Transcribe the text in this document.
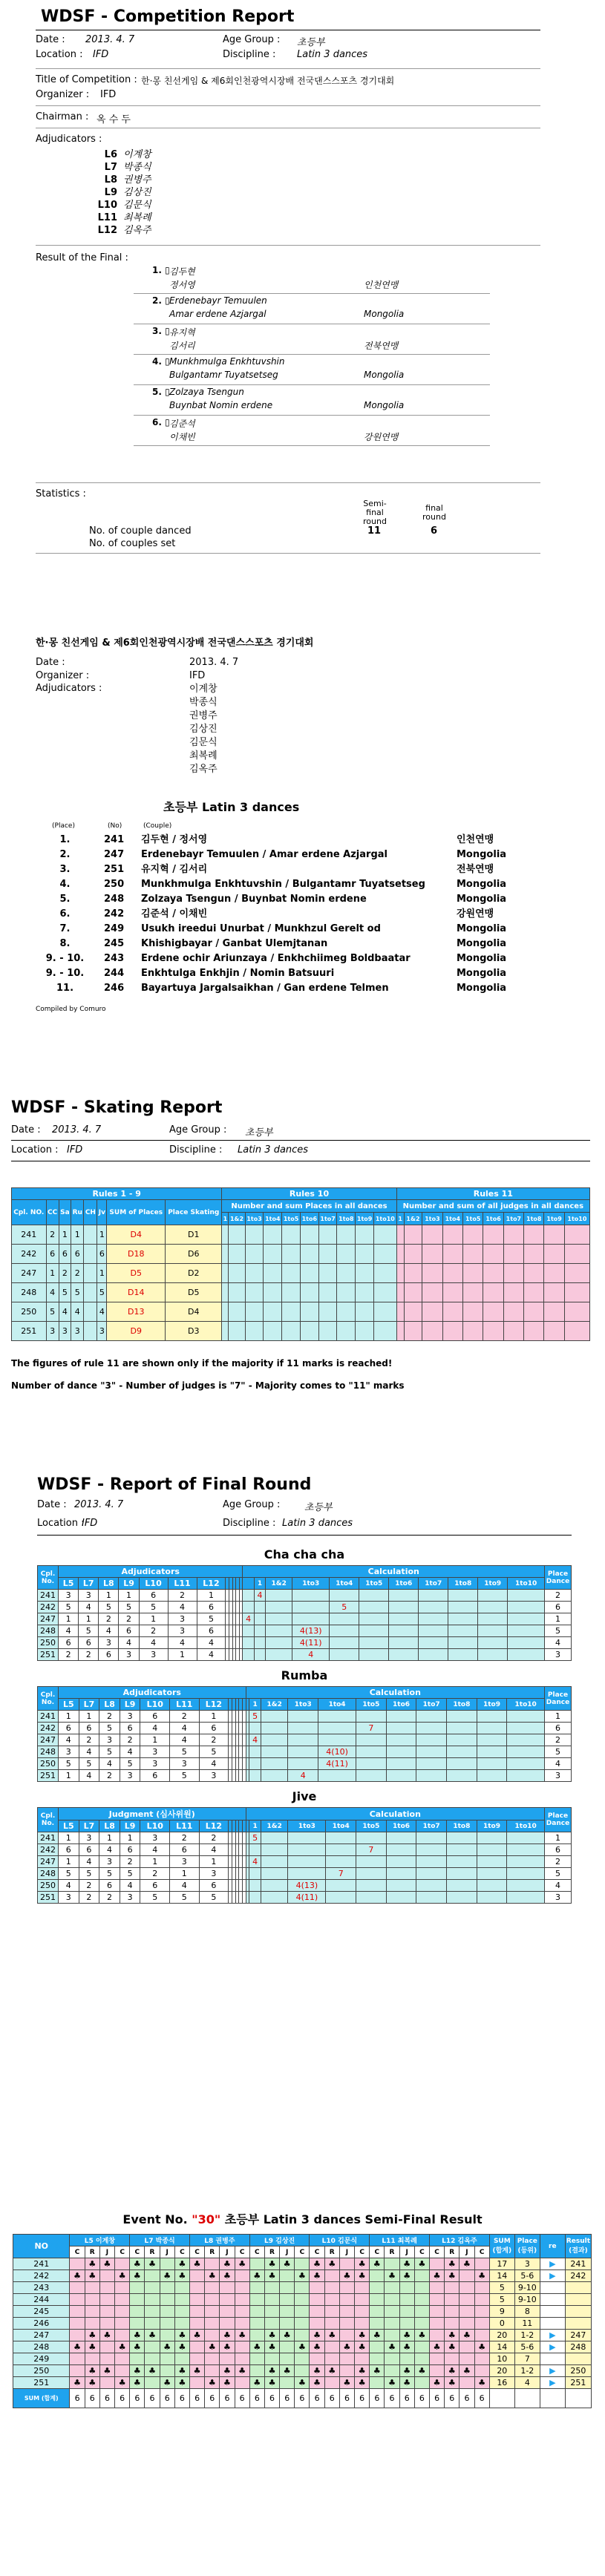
WDSF - Competition Report
Date : 2013. 4. 7	Age Group : 초등부
Location : IFD	Discipline : Latin 3 dances
Title of Competition : 한·몽 친선게임 & 제6회인천광역시장배 전국댄스스포츠 경기대회
Organizer : IFD
Chairman : 옥 수 두
Adjudicators :
L6 이계창
L7 박종식
L8 권병주
L9 김상진
L10 김문식
L11 최복례
L12 김옥주
Result of the Final :
1. ▯ 김두현
정서영	인천연맹
2. ▯ Erdenebayr Temuulen
Amar erdene Azjargal	Mongolia
3. ▯ 유지혁
김서리	전북연맹
4. ▯ Munkhmulga Enkhtuvshin
Bulgantamr Tuyatsetseg	Mongolia
5. ▯ Zolzaya Tsengun
Buynbat Nomin erdene	Mongolia
6. ▯ 김준석
이채빈	강원연맹
Statistics :
Semi-final round
final round
No. of couple danced	11	6
No. of couples set
한·몽 친선게임 & 제6회인천광역시장배 전국댄스스포츠 경기대회
Date :	2013. 4. 7
Organizer :	IFD
Adjudicators :	이계창
박종식
권병주
김상진
김문식
최복례
김옥주
초등부 Latin 3 dances
(Place)	(No)	(Couple)
1.	241 김두현 / 정서영	인천연맹
2.	247 Erdenebayr Temuulen / Amar erdene Azjargal	Mongolia
3.	251 유지혁 / 김서리	전북연맹
4.	250 Munkhmulga Enkhtuvshin / Bulgantamr Tuyatsetseg	Mongolia
5.	248 Zolzaya Tsengun / Buynbat Nomin erdene	Mongolia
6.	242 김준석 / 이채빈	강원연맹
7.	249 Usukh ireedui Unurbat / Munkhzul Gerelt od	Mongolia
8.	245 Khishigbayar / Ganbat Ulemjtanan	Mongolia
9. - 10. 243 Erdene ochir Ariunzaya / Enkhchiimeg Boldbaatar	Mongolia
9. - 10. 244 Enkhtulga Enkhjin / Nomin Batsuuri	Mongolia
11.	246 Bayartuya Jargalsaikhan / Gan erdene Telmen	Mongolia
Compiled by Comuro
WDSF - Skating Report
Date : 2013. 4. 7	Age Group : 초등부
Location : IFD	Discipline : Latin 3 dances
Rules 1 - 9								Rules 10										Rules 11									
Cpl. NO.	CC	Sa	Ru	CH	Jv	SUM of Places	Place Skating	Number and sum Places in all dances										Number and sum of all judges in all dances									
								1	1&2	1to3	1to4	1to5	1to6	1to7	1to8	1to9	1to10	1	1&2	1to3	1to4	1to5	1to6	1to7	1to8	1to9	1to10
241	2	1	1		1	D4	D1																				
242	6	6	6		6	D18	D6																				
247	1	2	2		1	D5	D2																				
248	4	5	5		5	D14	D5																				
250	5	4	4		4	D13	D4																				
251	3	3	3		3	D9	D3																				
The figures of rule 11 are shown only if the majority if 11 marks is reached!
Number of dance "3" - Number of judges is "7" - Majority comes to "11" marks
WDSF - Report of Final Round
Date : 2013. 4. 7	Age Group :	초등부
Location :
IFD	Discipline : Latin 3 dances
Cha cha cha
Cpl. No.	Adjudicators												Calculation											Place Dance
	L5	L7	L8	L9	L10	L11	L12							1	1&2	1to3	1to4	1to5	1to6	1to7	1to8	1to9	1to10	
241	3	3	1	1	6	2	1							4										2
242	5	4	5	5	5	4	6										5							6
247	1	1	2	2	1	3	5						4											1
248	4	5	4	6	2	3	6									4(13)								5
250	6	6	3	4	4	4	4									4(11)								4
251	2	2	6	3	3	1	4									4								3
Rumba
Cpl. No.	Adjudicators												Calculation											Place Dance
	L5	L7	L8	L9	L10	L11	L12							1	1&2	1to3	1to4	1to5	1to6	1to7	1to8	1to9	1to10	
241	1	1	2	3	6	2	1							5										1
242	6	6	5	6	4	4	6											7						6
247	4	2	3	2	1	4	2							4										2
248	3	4	5	4	3	5	5										4(10)							5
250	5	5	4	5	3	3	4										4(11)							4
251	1	4	2	3	6	5	3									4								3
Jive
Cpl. No.	Judgment (심사위원)												Calculation											Place Dance
	L5	L7	L8	L9	L10	L11	L12							1	1&2	1to3	1to4	1to5	1to6	1to7	1to8	1to9	1to10	
241	1	3	1	1	3	2	2							5										1
242	6	6	4	6	4	6	4											7						6
247	1	4	3	2	1	3	1							4										2
248	5	5	5	5	2	1	3										7							5
250	4	2	6	4	6	4	6									4(13)								4
251	3	2	2	3	5	5	5									4(11)								3
Event No. "30" 초등부 Latin 3 dances Semi-Final Result
NO	L5 이계창				L7 박종식				L8 권병주				L9 김상진				L10 김문식				L11 최복례				L12 김옥주				SUM (합계)	Place (등위)	re	Result (결과)
	C	R	J	C	C	R	J	C	C	R	J	C	C	R	J	C	C	R	J	C	C	R	J	C	C	R	J	C				
241		♣	♣		♣	♣		♣	♣		♣	♣		♣	♣		♣	♣		♣	♣		♣	♣		♣	♣		17	3	▶	241
242	♣	♣		♣	♣		♣	♣		♣	♣		♣	♣		♣	♣		♣	♣		♣	♣		♣	♣		♣	14	5-6	▶	242
243																													5	9-10		
244																													5	9-10		
245																													9	8		
246																													0	11		
247		♣	♣		♣	♣		♣	♣		♣	♣		♣	♣		♣	♣		♣	♣		♣	♣		♣	♣		20	1-2	▶	247
248	♣	♣		♣	♣		♣	♣		♣	♣		♣	♣		♣	♣		♣	♣		♣	♣		♣	♣		♣	14	5-6	▶	248
249																													10	7		
250		♣	♣		♣	♣		♣	♣		♣	♣		♣	♣		♣	♣		♣	♣		♣	♣		♣	♣		20	1-2	▶	250
251	♣	♣		♣	♣		♣	♣		♣	♣		♣	♣		♣	♣		♣	♣		♣	♣		♣	♣		♣	16	4	▶	251
SUM (합계)	6	6	6	6	6	6	6	6	6	6	6	6	6	6	6	6	6	6	6	6	6	6	6	6	6	6	6	6				
